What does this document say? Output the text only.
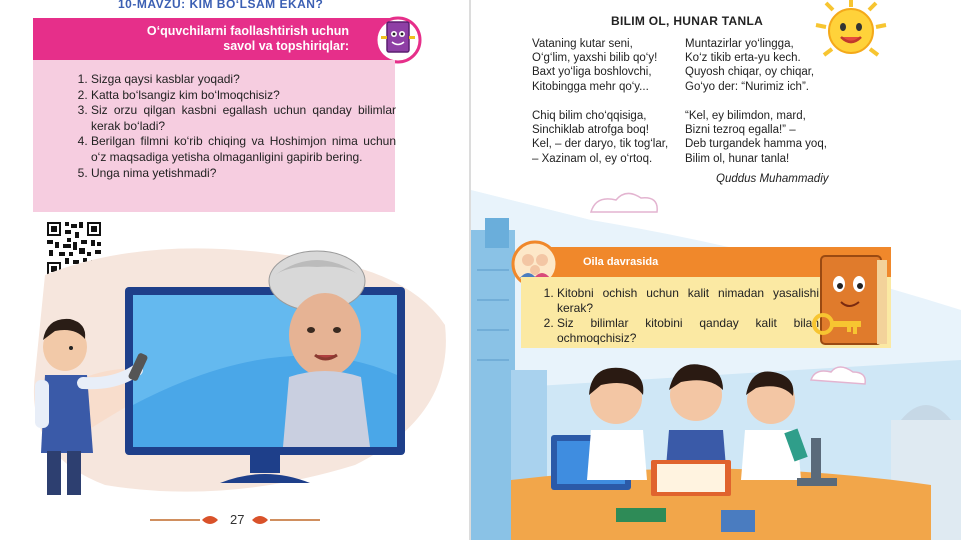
10-MAVZU: KIM BO‘LSAM EKAN?
O‘quvchilarni faollashtirish uchun
savol va topshiriqlar:
1. Sizga qaysi kasblar yoqadi?
2. Katta bo‘lsangiz kim bo‘lmoqchisiz?
3. Siz orzu qilgan kasbni egallash uchun qanday bilimlar kerak bo‘ladi?
4. Berilgan filmni ko‘rib chiqing va Hoshimjon nima uchun o‘z maqsadiga yetisha olmaganligini gapirib bering.
5. Unga nima yetishmadi?
27
BILIM OL, HUNAR TANLA
Vataning kutar seni,
O‘g‘lim, yaxshi bilib qo‘y!
Baxt yo‘liga boshlovchi,
Kitobingga mehr qo‘y...
Muntazirlar yo‘lingga,
Ko‘z tikib erta-yu kech.
Quyosh chiqar, oy chiqar,
Go‘yo der: “Nurimiz ich”.
Chiq bilim cho‘qqisiga,
Sinchiklab atrofga boq!
Kel, – der daryo, tik tog‘lar,
– Xazinam ol, ey o‘rtoq.
“Kel, ey bilimdon, mard,
Bizni tezroq egalla!” –
Deb turgandek hamma yoq,
Bilim ol, hunar tanla!
Quddus Muhammadiy
Oila davrasida
1. Kitobni ochish uchun kalit nimadan yasalishi kerak?
2. Siz bilimlar kitobini qanday kalit bilan ochmoqchisiz?
